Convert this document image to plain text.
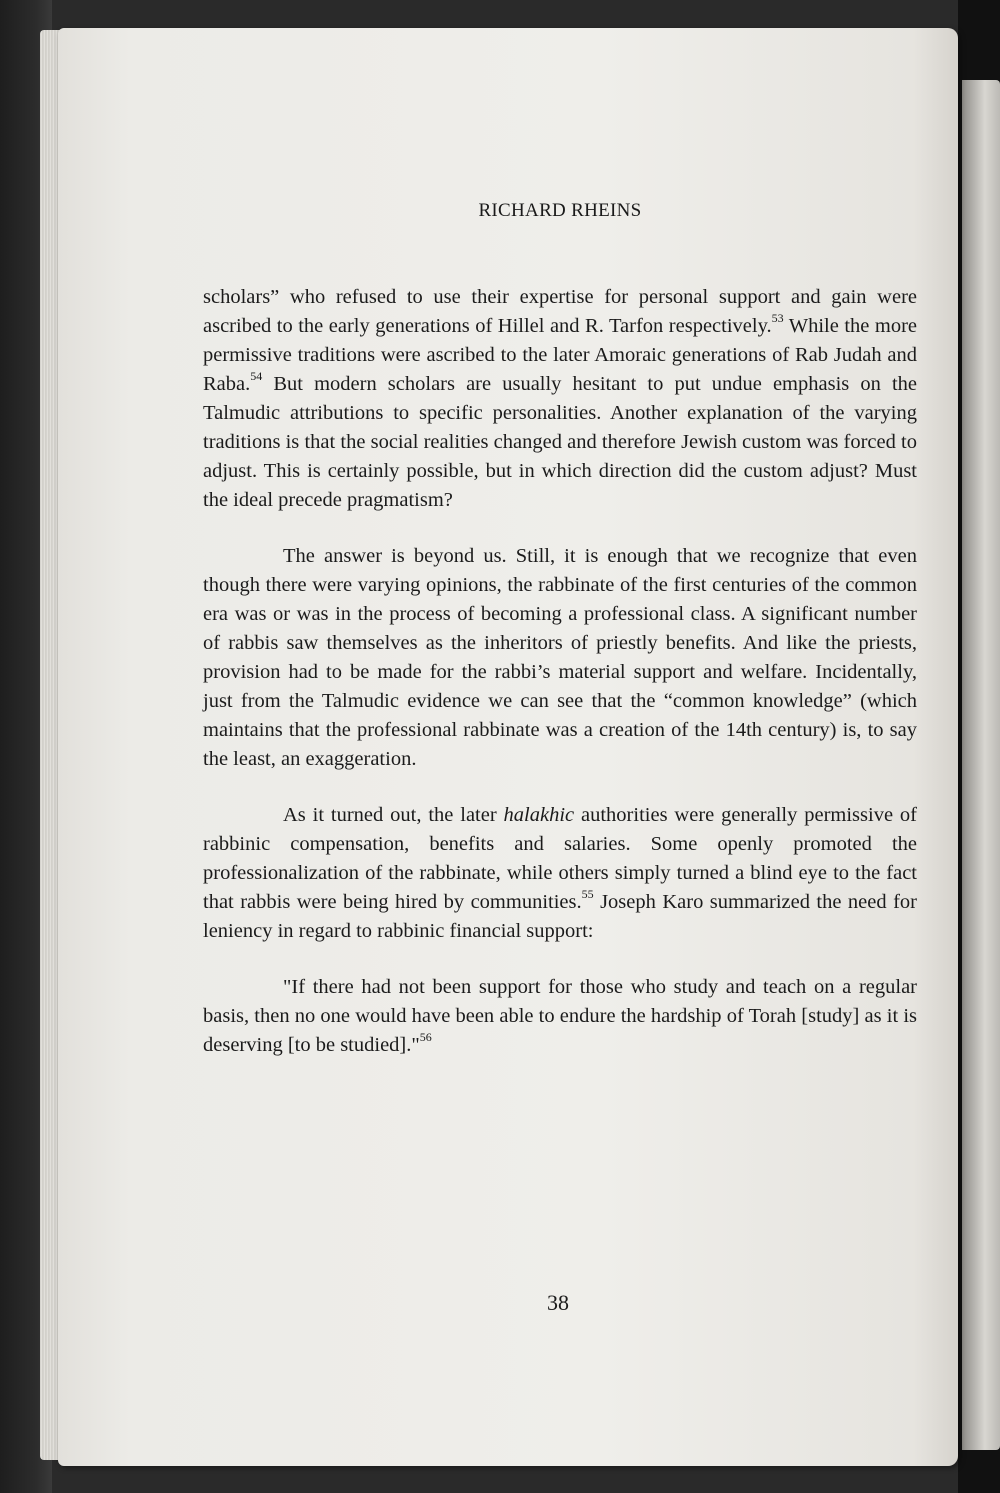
RICHARD RHEINS

scholars” who refused to use their expertise for personal support and gain were ascribed to the early generations of Hillel and R. Tarfon respectively.$^{53}$ While the more permissive traditions were ascribed to the later Amoraic generations of Rab Judah and Raba.$^{54}$ But modern scholars are usually hesitant to put undue emphasis on the Talmudic attributions to specific personalities. Another explanation of the varying traditions is that the social realities changed and therefore Jewish custom was forced to adjust. This is certainly possible, but in which direction did the custom adjust? Must the ideal precede pragmatism?

The answer is beyond us. Still, it is enough that we recognize that even though there were varying opinions, the rabbinate of the first centuries of the common era was or was in the process of becoming a professional class. A significant number of rabbis saw themselves as the inheritors of priestly benefits. And like the priests, provision had to be made for the rabbi’s material support and welfare. Incidentally, just from the Talmudic evidence we can see that the “common knowledge” (which maintains that the professional rabbinate was a creation of the 14th century) is, to say the least, an exaggeration.

As it turned out, the later halakhic authorities were generally permissive of rabbinic compensation, benefits and salaries. Some openly promoted the professionalization of the rabbinate, while others simply turned a blind eye to the fact that rabbis were being hired by communities.$^{55}$ Joseph Karo summarized the need for leniency in regard to rabbinic financial support:

"If there had not been support for those who study and teach on a regular basis, then no one would have been able to endure the hardship of Torah [study] as it is deserving [to be studied]."$^{56}$

38
